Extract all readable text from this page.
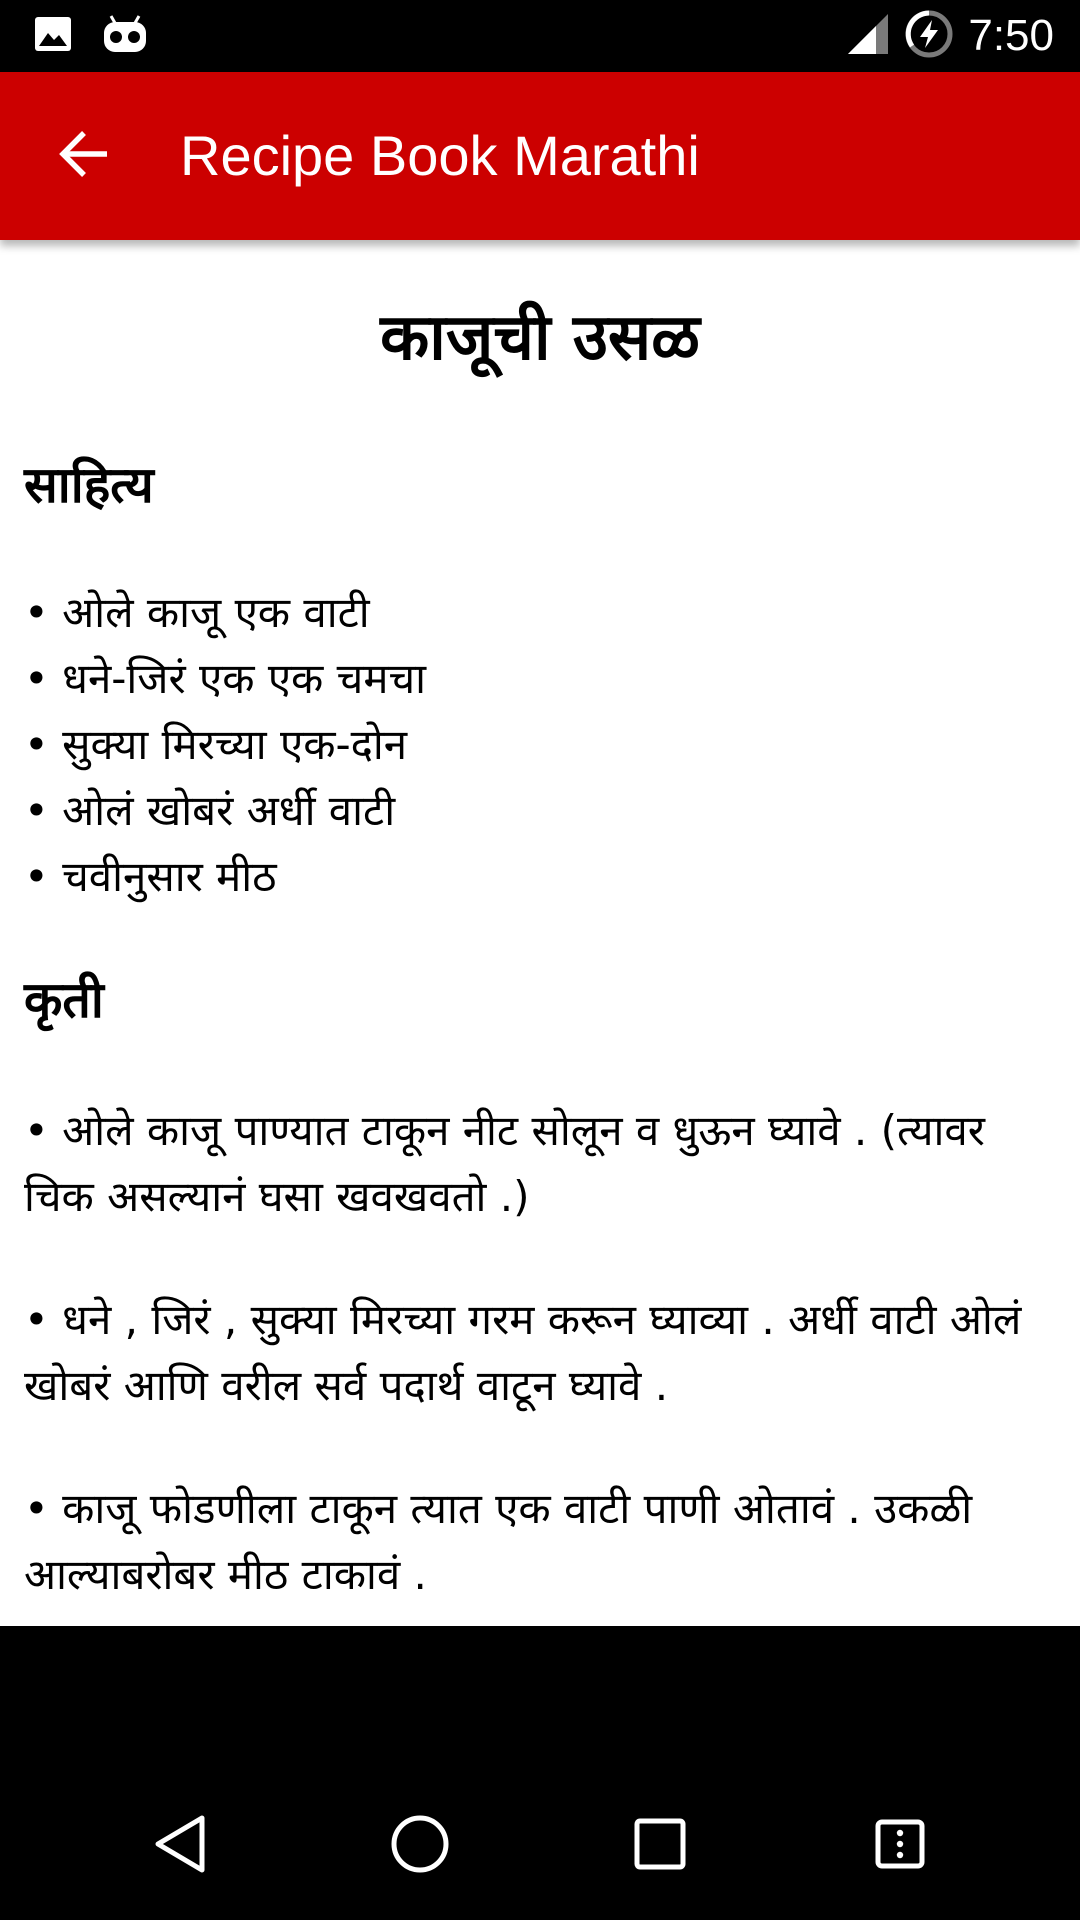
7:50
Recipe Book Marathi
काजूची उसळ
साहित्य
• ओले काजू एक वाटी
• धने-जिरं एक एक चमचा
• सुक्या मिरच्या एक-दोन
• ओलं खोबरं अर्धी वाटी
• चवीनुसार मीठ
कृती
• ओले काजू पाण्यात टाकून नीट सोलून व धुऊन घ्यावे . (त्यावर चिक असल्यानं घसा खवखवतो .)
• धने , जिरं , सुक्या मिरच्या गरम करून घ्याव्या . अर्धी वाटी ओलं खोबरं आणि वरील सर्व पदार्थ वाटून घ्यावे .
• काजू फोडणीला टाकून त्यात एक वाटी पाणी ओतावं . उकळी आल्याबरोबर मीठ टाकावं .
